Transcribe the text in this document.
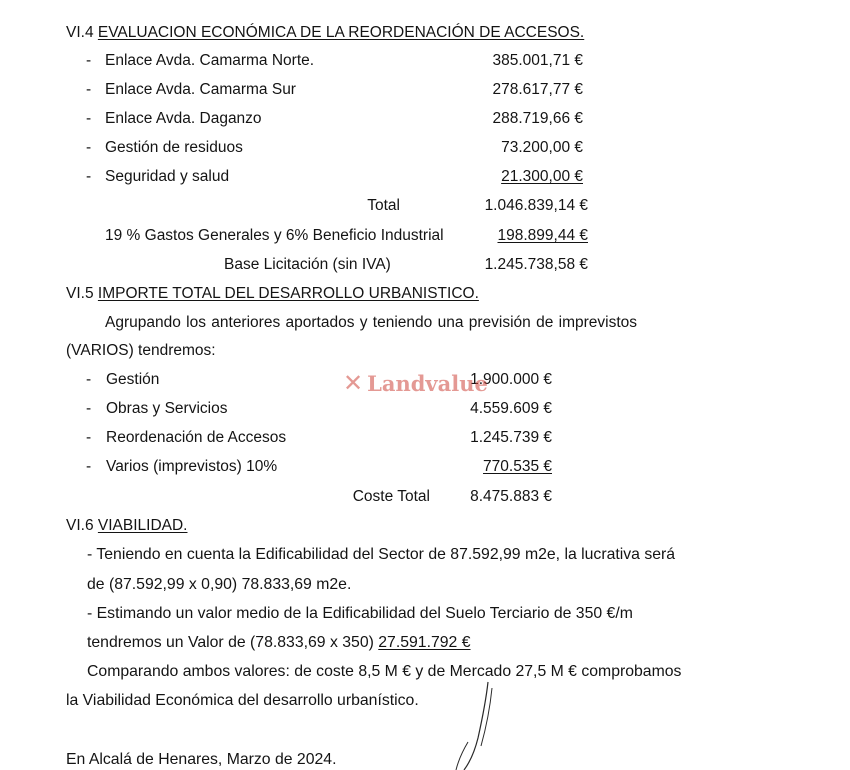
VI.4 EVALUACION ECONÓMICA DE LA REORDENACIÓN DE ACCESOS.
- Enlace Avda. Camarma Norte.	385.001,71 €
- Enlace Avda. Camarma Sur	278.617,77 €
- Enlace Avda. Daganzo	288.719,66 €
- Gestión de residuos	73.200,00 €
- Seguridad y salud	21.300,00 €
Total	1.046.839,14 €
19 % Gastos Generales y 6% Beneficio Industrial	198.899,44 €
Base Licitación (sin IVA)	1.245.738,58 €
VI.5 IMPORTE TOTAL DEL DESARROLLO URBANISTICO.
Agrupando los anteriores aportados y teniendo una previsión de imprevistos
(VARIOS) tendremos:
- Gestión	1.900.000 €
- Obras y Servicios	4.559.609 €
- Reordenación de Accesos	1.245.739 €
- Varios (imprevistos) 10%	770.535 €
Coste Total	8.475.883 €
✕ Landvalue
VI.6 VIABILIDAD.
- Teniendo en cuenta la Edificabilidad del Sector de 87.592,99 m2e, la lucrativa será
de (87.592,99 x 0,90) 78.833,69 m2e.
- Estimando un valor medio de la Edificabilidad del Suelo Terciario de 350 €/m
tendremos un Valor de (78.833,69 x 350) 27.591.792 €
Comparando ambos valores: de coste 8,5 M € y de Mercado 27,5 M € comprobamos
la Viabilidad Económica del desarrollo urbanístico.
En Alcalá de Henares, Marzo de 2024.
